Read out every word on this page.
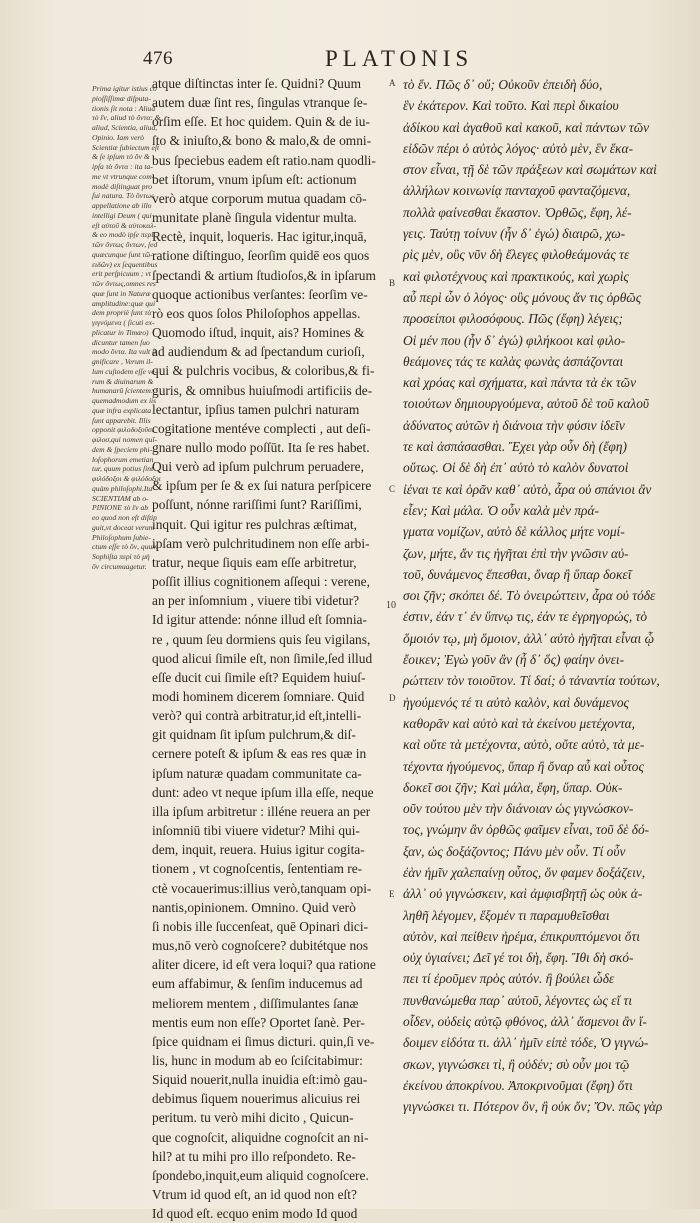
476	PLATONIS
Prima igitur istius co
pioſſiſſimæ diſputa-
tionis ſit nota : Aliud
τὸ ἓν, aliud τὸ ὄντα: &
aliud, Scientia, aliud,
Opinio. Iam verò
Scientiæ ſubiectum eſt
& ſe ipſum τὸ ὂν &
ipſa τὰ ὄντα : ita ta-
me vt vtrunque com-
modè diſtinguat pro
ſui natura. Τὸ ὄντως
appellatione ab illo
intelligi Deum ( qui
eſt αὐτοῦ & αὐτοκαλ-
& eo modò ipſe περὶ
τῶν ὄντως ὄντων, ſed
quæcunque ſunt τῶ-
ειδῶν) ex ſequentibus
erit perſpicuum ; vt
τῶν ὄντως,omnes res
quæ ſunt in Naturæ
amplitudine:quæ qui
dem propriè ſunt τὰ
γιγνόμενα ( ſicuti ex-
plicatur in Timæo)
dicuntur tamen ſuo
modo ὄντα. Ita vult ſi
gnificare , Verum il-
lum cuſtodem eſſe ve-
rum & diuinarum &
humanarū ſcientem:
quemadmodum ex iis
quæ infra explicata
ſunt apparebit. Illis
opponit φιλοδοξοῦσι
φιλοσ,qui nomen quī-
dem & ſpeciem phi-
loſophorum emetian
tur, quum potius ſint
φιλόδοξοι & φιλόδοξοι
quàm philoſophi.Ita
SCIENTIAM ab o-
PINIONE τὸ ἓν ab
eo quod non eſt diſtin
guit,vt doceat verum
Philoſophum ſubie-
ctum eſſe τὸ ὂν, quum
Sophiſta περὶ τὸ μὴ
ὂν circumuagetur.
atque diſtinctas inter ſe. Quidni? Quum
autem duæ ſint res, ſingulas vtranque ſe-
orſim eſſe. Et hoc quidem. Quin & de iu-
ſto & iniuſto,& bono & malo,& de omni-
bus ſpeciebus eadem eſt ratio.nam quodli-
bet iſtorum, vnum ipſum eſt: actionum
verò atque corporum mutua quadam cō-
munitate planè ſingula videntur multa.
Rectè, inquit, loqueris. Hac igitur,inquā,
ratione diſtinguo, ſeorſim quidē eos quos
ſpectandi & artium ſtudioſos,& in ipſarum
quoque actionibus verſantes: ſeorſim ve-
rò eos quos ſolos Philoſophos appellas.
Quomodo iſtud, inquit, ais? Homines &
ad audiendum & ad ſpectandum curioſi,
qui & pulchris vocibus, & coloribus,& fi-
guris, & omnibus huiuſmodi artificiis de-
lectantur, ipſius tamen pulchri naturam
cogitatione mentéve complecti , aut deſi-
gnare nullo modo poſſūt. Ita ſe res habet.
Qui verò ad ipſum pulchrum peruadere,
& ipſum per ſe & ex ſui natura perſpicere
poſſunt, nónne rariſſimi ſunt? Rariſſimi,
inquit. Qui igitur res pulchras æſtimat,
ipſam verò pulchritudinem non eſſe arbi-
tratur, neque ſiquis eam eſſe arbitretur,
poſſit illius cognitionem aſſequi : verene,
an per inſomnium , viuere tibi videtur?
Id igitur attende: nónne illud eſt ſomnia-
re , quum ſeu dormiens quis ſeu vigilans,
quod alicui ſimile eſt, non ſimile,ſed illud
eſſe ducit cui ſimile eſt? Equidem huiuſ-
modi hominem dicerem ſomniare. Quid
verò? qui contrà arbitratur,id eſt,intelli-
git quidnam ſit ipſum pulchrum,& diſ-
cernere poteſt & ipſum & eas res quæ in
ipſum naturæ quadam communitate ca-
dunt: adeo vt neque ipſum illa eſſe, neque
illa ipſum arbitretur : illéne reuera an per
inſomniū tibi viuere videtur? Mihi qui-
dem, inquit, reuera. Huius igitur cogita-
tionem , vt cognoſcentis, ſententiam re-
ctè vocauerimus:illius verò,tanquam opi-
nantis,opinionem. Omnino. Quid verò
ſi nobis ille ſuccenſeat, quē Opinari dici-
mus,nō verò cognoſcere? dubitétque nos
aliter dicere, id eſt vera loqui? qua ratione
eum affabimur, & ſenſim inducemus ad
meliorem mentem , diſſimulantes ſanæ
mentis eum non eſſe? Oportet ſanè. Per-
ſpice quidnam ei ſimus dicturi. quin,ſi ve-
lis, hunc in modum ab eo ſciſcitabimur:
Siquid nouerit,nulla inuidia eſt:imò gau-
debimus ſiquem nouerimus alicuius rei
peritum. tu verò mihi dicito , Quicun-
que cognoſcit, aliquidne cognoſcit an ni-
hil? at tu mihi pro illo reſpondeto. Re-
ſpondebo,inquit,eum aliquid cognoſcere.
Vtrum id quod eſt, an id quod non eſt?
Id quod eſt. ecquo enim modo Id quod
A
B
C
10
D
E
τὸ ἕν. Πῶς δ᾽ οὔ; Οὐκοῦν ἐπειδὴ δύο,
ἓν ἑκάτερον. Καὶ τοῦτο. Καὶ περὶ δικαίου
ἀδίκου καὶ ἀγαθοῦ καὶ κακοῦ, καὶ πάντων τῶν
εἰδῶν πέρι ὁ αὐτὸς λόγος· αὐτὸ μὲν, ἓν ἕκα-
στον εἶναι, τῇ δὲ τῶν πράξεων καὶ σωμάτων καὶ
ἀλλήλων κοινωνίᾳ πανταχοῦ φανταζόμενα,
πολλὰ φαίνεσθαι ἕκαστον. Ὀρθῶς, ἔφη, λέ-
γεις. Ταύτῃ τοίνυν (ἦν δ᾽ ἐγώ) διαιρῶ, χω-
ρὶς μὲν, οὓς νῦν δὴ ἔλεγες φιλοθεάμονάς τε
καὶ φιλοτέχνους καὶ πρακτικούς, καὶ χωρὶς
αὖ περὶ ὧν ὁ λόγος· οὓς μόνους ἄν τις ὀρθῶς
προσείποι φιλοσόφους. Πῶς (ἔφη) λέγεις;
Οἱ μέν που (ἦν δ᾽ ἐγώ) φιλήκοοι καὶ φιλο-
θεάμονες τάς τε καλὰς φωνὰς ἀσπάζονται
καὶ χρόας καὶ σχήματα, καὶ πάντα τὰ ἐκ τῶν
τοιούτων δημιουργούμενα, αὐτοῦ δὲ τοῦ καλοῦ
ἀδύνατος αὐτῶν ἡ διάνοια τὴν φύσιν ἰδεῖν
τε καὶ ἀσπάσασθαι. Ἔχει γὰρ οὖν δὴ (ἔφη)
οὕτως. Οἱ δὲ δὴ ἐπ᾽ αὐτὸ τὸ καλὸν δυνατοὶ
ἰέναι τε καὶ ὁρᾶν καθ᾽ αὑτὸ, ἆρα οὐ σπάνιοι ἂν
εἶεν; Καὶ μάλα. Ὁ οὖν καλὰ μὲν πρά-
γματα νομίζων, αὐτὸ δὲ κάλλος μήτε νομί-
ζων, μήτε, ἄν τις ἡγῆται ἐπὶ τὴν γνῶσιν αὐ-
τοῦ, δυνάμενος ἕπεσθαι, ὄναρ ἢ ὕπαρ δοκεῖ
σοι ζῆν; σκόπει δέ. Τὸ ὀνειρώττειν, ἆρα οὐ τόδε
ἐστιν, ἐάν τ᾽ ἐν ὕπνῳ τις, ἐάν τε ἐγρηγορώς, τὸ
ὅμοιόν τῳ, μὴ ὅμοιον, ἀλλ᾽ αὐτὸ ἡγῆται εἶναι ᾧ
ἔοικεν; Ἐγὼ γοῦν ἂν (ἦ δ᾽ ὅς) φαίην ὀνει-
ρώττειν τὸν τοιοῦτον. Τί δαί; ὁ τἀναντία τούτων,
ἡγούμενός τέ τι αὐτὸ καλὸν, καὶ δυνάμενος
καθορᾶν καὶ αὐτὸ καὶ τὰ ἐκείνου μετέχοντα,
καὶ οὔτε τὰ μετέχοντα, αὐτὸ, οὔτε αὐτὸ, τὰ με-
τέχοντα ἡγούμενος, ὕπαρ ἢ ὄναρ αὖ καὶ οὗτος
δοκεῖ σοι ζῆν; Καὶ μάλα, ἔφη, ὕπαρ. Οὐκ-
οῦν τούτου μὲν τὴν διάνοιαν ὡς γιγνώσκον-
τος, γνώμην ἂν ὀρθῶς φαῖμεν εἶναι, τοῦ δὲ δό-
ξαν, ὡς δοξάζοντος; Πάνυ μὲν οὖν. Τί οὖν
ἐὰν ἡμῖν χαλεπαίνῃ οὗτος, ὅν φαμεν δοξάζειν,
ἀλλ᾽ οὐ γιγνώσκειν, καὶ ἀμφισβητῇ ὡς οὐκ ἀ-
ληθῆ λέγομεν, ἕξομέν τι παραμυθεῖσθαι
αὐτὸν, καὶ πείθειν ἠρέμα, ἐπικρυπτόμενοι ὅτι
οὐχ ὑγιαίνει; Δεῖ γέ τοι δὴ, ἔφη. Ἴθι δὴ σκό-
πει τί ἐροῦμεν πρὸς αὐτόν. ἢ βούλει ὧδε
πυνθανώμεθα παρ᾽ αὐτοῦ, λέγοντες ὡς εἴ τι
οἶδεν, οὐδεὶς αὐτῷ φθόνος, ἀλλ᾽ ἄσμενοι ἂν ἴ-
δοιμεν εἰδότα τι. ἀλλ᾽ ἡμῖν εἰπὲ τόδε, Ὁ γιγνώ-
σκων, γιγνώσκει τὶ, ἢ οὐδέν; σὺ οὖν μοι τῷ
ἐκείνου ἀποκρίνου. Ἀποκρινοῦμαι (ἔφη) ὅτι
γιγνώσκει τι. Πότερον ὂν, ἢ οὐκ ὄν; Ὄν. πῶς γὰρ
